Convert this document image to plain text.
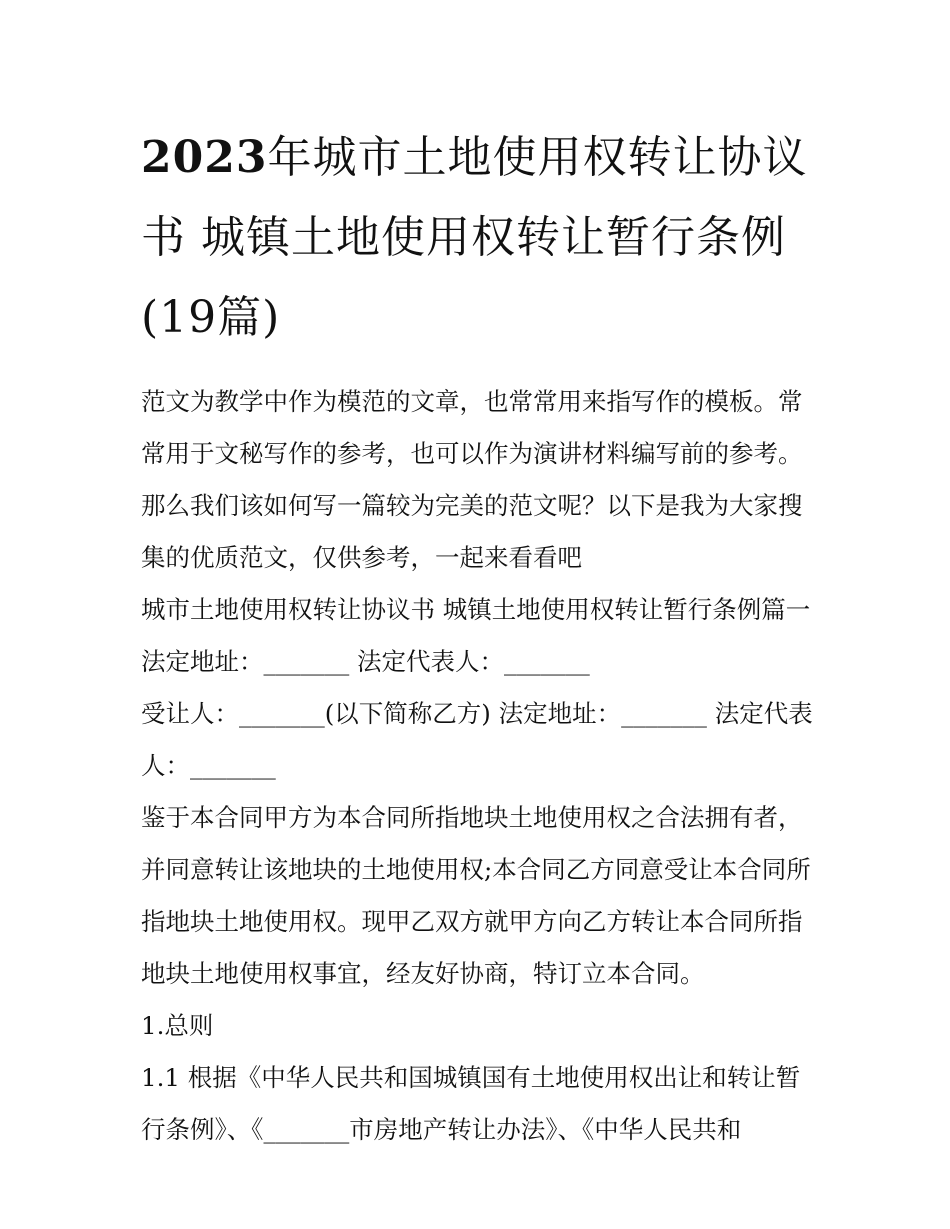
2023年城市土地使用权转让协议书 城镇土地使用权转让暂行条例(19篇)

范文为教学中作为模范的文章，也常常用来指写作的模板。常常用于文秘写作的参考，也可以作为演讲材料编写前的参考。那么我们该如何写一篇较为完美的范文呢？以下是我为大家搜集的优质范文，仅供参考，一起来看看吧

城市土地使用权转让协议书 城镇土地使用权转让暂行条例篇一 法定地址：_______ 法定代表人：_______

受让人：_______(以下简称乙方) 法定地址：_______ 法定代表人：_______

鉴于本合同甲方为本合同所指地块土地使用权之合法拥有者，并同意转让该地块的土地使用权;本合同乙方同意受让本合同所指地块土地使用权。现甲乙双方就甲方向乙方转让本合同所指地块土地使用权事宜，经友好协商，特订立本合同。

1.总则

1.1 根据《中华人民共和国城镇国有土地使用权出让和转让暂行条例》、《_______市房地产转让办法》、《中华人民共和
